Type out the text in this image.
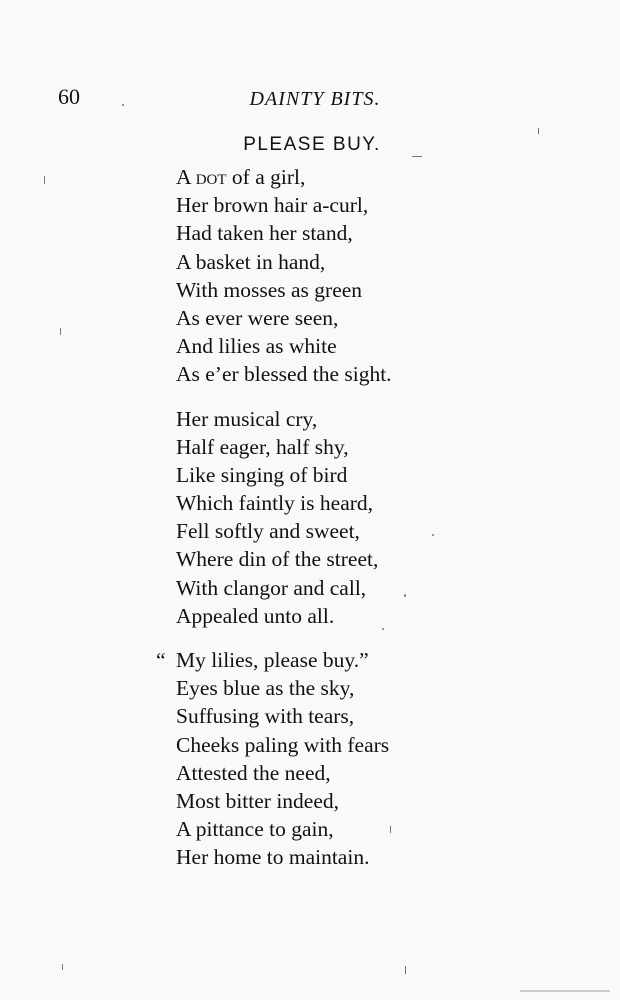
60	DAINTY BITS.
PLEASE BUY.
A dot of a girl,
Her brown hair a-curl,
Had taken her stand,
A basket in hand,
With mosses as green
As ever were seen,
And lilies as white
As e’er blessed the sight.
Her musical cry,
Half eager, half shy,
Like singing of bird
Which faintly is heard,
Fell softly and sweet,
Where din of the street,
With clangor and call,
Appealed unto all.
“ My lilies, please buy.”
Eyes blue as the sky,
Suffusing with tears,
Cheeks paling with fears
Attested the need,
Most bitter indeed,
A pittance to gain,
Her home to maintain.
